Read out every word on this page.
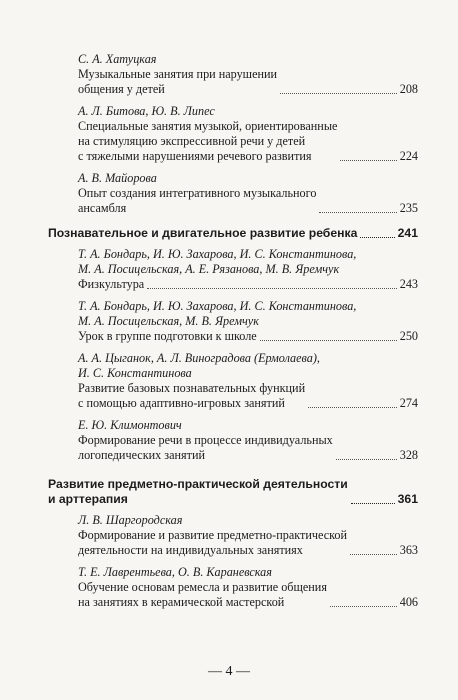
С. А. Хатуцкая
Музыкальные занятия при нарушении
общения у детей	208
А. Л. Битова, Ю. В. Липес
Специальные занятия музыкой, ориентированные
на стимуляцию экспрессивной речи у детей
с тяжелыми нарушениями речевого развития	224
А. В. Майорова
Опыт создания интегративного музыкального
ансамбля	235
Познавательное и двигательное развитие ребенка	241
Т. А. Бондарь, И. Ю. Захарова, И. С. Константинова,
М. А. Посицельская, А. Е. Рязанова, М. В. Яремчук
Физкультура	243
Т. А. Бондарь, И. Ю. Захарова, И. С. Константинова,
М. А. Посицельская, М. В. Яремчук
Урок в группе подготовки к школе	250
А. А. Цыганок, А. Л. Виноградова (Ермолаева),
И. С. Константинова
Развитие базовых познавательных функций
с помощью адаптивно-игровых занятий	274
Е. Ю. Климонтович
Формирование речи в процессе индивидуальных
логопедических занятий	328
Развитие предметно-практической деятельности
и арттерапия	361
Л. В. Шаргородская
Формирование и развитие предметно-практической
деятельности на индивидуальных занятиях	363
Т. Е. Лаврентьева, О. В. Караневская
Обучение основам ремесла и развитие общения
на занятиях в керамической мастерской	406
— 4 —
